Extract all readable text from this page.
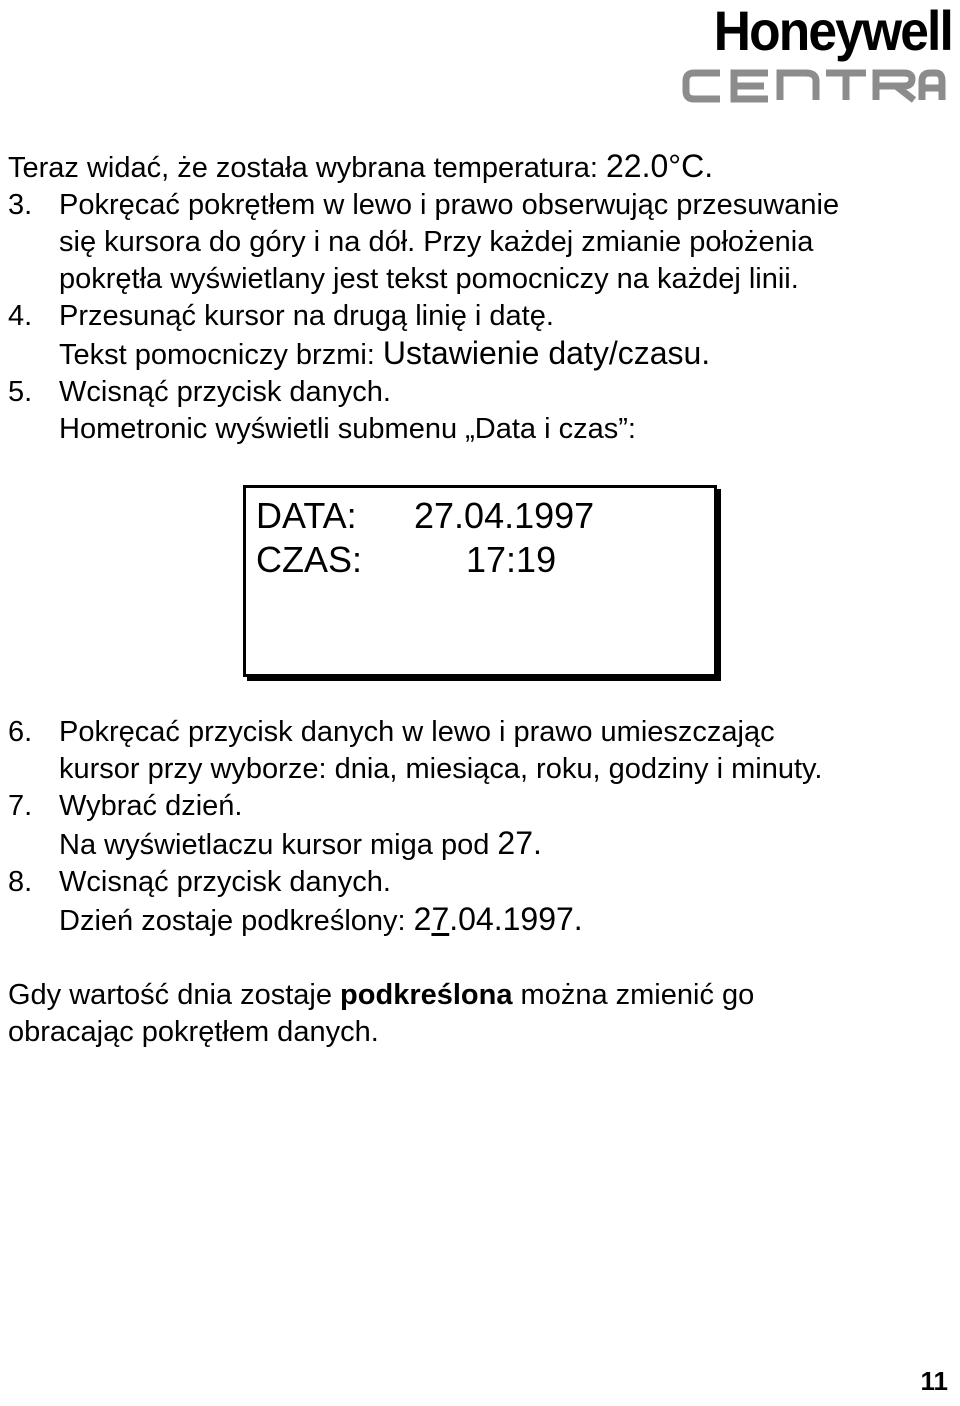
Honeywell
Teraz widać, że została wybrana temperatura: 22.0°C.
3. Pokręcać pokrętłem w lewo i prawo obserwując przesuwanie
się kursora do góry i na dół. Przy każdej zmianie położenia
pokrętła wyświetlany jest tekst pomocniczy na każdej linii.
4. Przesunąć kursor na drugą linię i datę.
Tekst pomocniczy brzmi: Ustawienie daty/czasu.
5. Wcisnąć przycisk danych.
Hometronic wyświetli submenu „Data i czas”:
DATA: 27.04.1997
CZAS:	17:19
6. Pokręcać przycisk danych w lewo i prawo umieszczając
kursor przy wyborze: dnia, miesiąca, roku, godziny i minuty.
7. Wybrać dzień.
Na wyświetlaczu kursor miga pod 27.
8. Wcisnąć przycisk danych.
Dzień zostaje podkreślony: 27.04.1997.
Gdy wartość dnia zostaje podkreślona można zmienić go
obracając pokrętłem danych.
11
